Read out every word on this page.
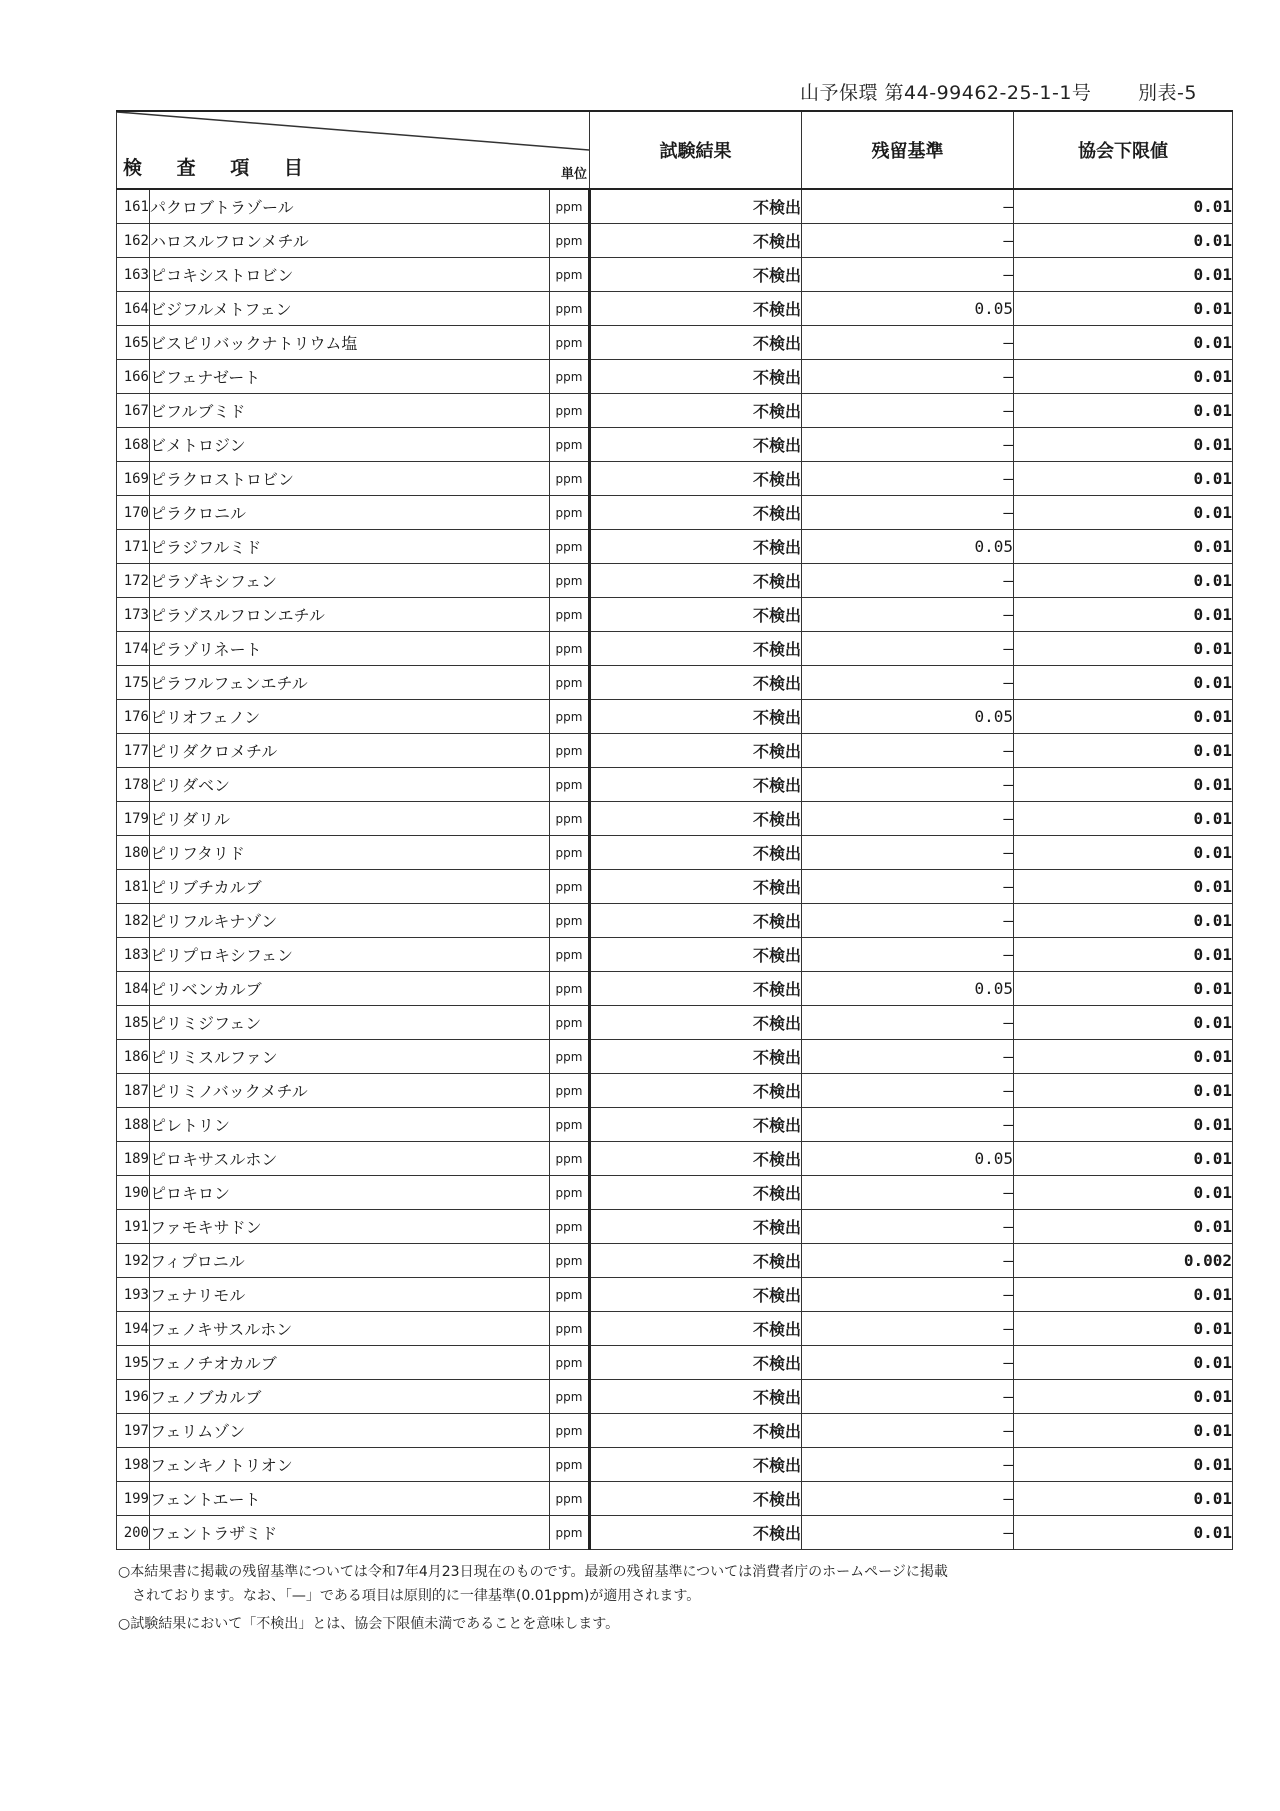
山予保環 第44-99462-25-1-1号 別表-5
検 査 項 目 単位			試験結果	残留基準	協会下限値
161	パクロブトラゾール	ppm	不検出	—	0.01
162	ハロスルフロンメチル	ppm	不検出	—	0.01
163	ピコキシストロビン	ppm	不検出	—	0.01
164	ビジフルメトフェン	ppm	不検出	0.05	0.01
165	ビスピリバックナトリウム塩	ppm	不検出	—	0.01
166	ビフェナゼート	ppm	不検出	—	0.01
167	ビフルブミド	ppm	不検出	—	0.01
168	ビメトロジン	ppm	不検出	—	0.01
169	ピラクロストロビン	ppm	不検出	—	0.01
170	ピラクロニル	ppm	不検出	—	0.01
171	ピラジフルミド	ppm	不検出	0.05	0.01
172	ピラゾキシフェン	ppm	不検出	—	0.01
173	ピラゾスルフロンエチル	ppm	不検出	—	0.01
174	ピラゾリネート	ppm	不検出	—	0.01
175	ピラフルフェンエチル	ppm	不検出	—	0.01
176	ピリオフェノン	ppm	不検出	0.05	0.01
177	ピリダクロメチル	ppm	不検出	—	0.01
178	ピリダベン	ppm	不検出	—	0.01
179	ピリダリル	ppm	不検出	—	0.01
180	ピリフタリド	ppm	不検出	—	0.01
181	ピリブチカルブ	ppm	不検出	—	0.01
182	ピリフルキナゾン	ppm	不検出	—	0.01
183	ピリプロキシフェン	ppm	不検出	—	0.01
184	ピリベンカルブ	ppm	不検出	0.05	0.01
185	ピリミジフェン	ppm	不検出	—	0.01
186	ピリミスルファン	ppm	不検出	—	0.01
187	ピリミノバックメチル	ppm	不検出	—	0.01
188	ピレトリン	ppm	不検出	—	0.01
189	ピロキサスルホン	ppm	不検出	0.05	0.01
190	ピロキロン	ppm	不検出	—	0.01
191	ファモキサドン	ppm	不検出	—	0.01
192	フィプロニル	ppm	不検出	—	0.002
193	フェナリモル	ppm	不検出	—	0.01
194	フェノキサスルホン	ppm	不検出	—	0.01
195	フェノチオカルブ	ppm	不検出	—	0.01
196	フェノブカルブ	ppm	不検出	—	0.01
197	フェリムゾン	ppm	不検出	—	0.01
198	フェンキノトリオン	ppm	不検出	—	0.01
199	フェントエート	ppm	不検出	—	0.01
200	フェントラザミド	ppm	不検出	—	0.01

○本結果書に掲載の残留基準については令和7年4月23日現在のものです。最新の残留基準については消費者庁のホームページに掲載
　されております。なお、「—」である項目は原則的に一律基準(0.01ppm)が適用されます。

○試験結果において「不検出」とは、協会下限値未満であることを意味します。
